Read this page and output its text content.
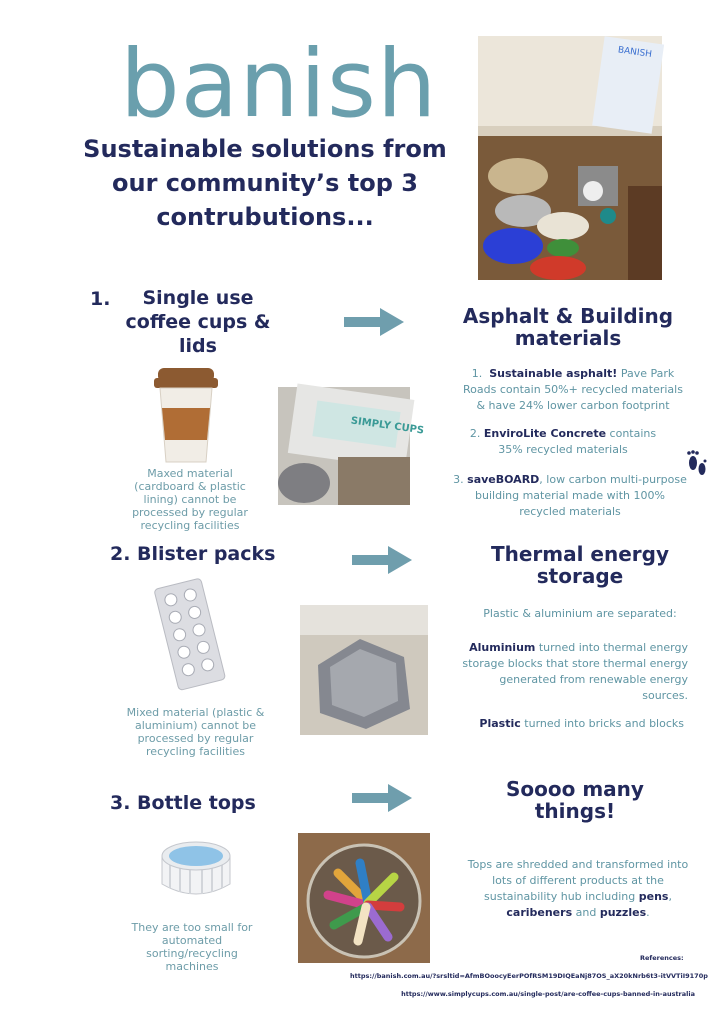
banish
Sustainable solutions from our community’s top 3 contrubutions...
BANISH
1.	Single use coffee cups & lids
Asphalt & Building materials
Maxed material (cardboard & plastic lining) cannot be processed by regular recycling facilities
SIMPLY CUPS
1. Sustainable asphalt! Pave Park Roads contain 50%+ recycled materials & have 24% lower carbon footprint
2. EnviroLite Concrete contains 35% recycled materials
3. saveBOARD, low carbon multi-purpose building material made with 100% recycled materials
2. Blister packs	Thermal energy storage
Mixed material (plastic & aluminium) cannot be processed by regular recycling facilities
Plastic & aluminium are separated:
Aluminium turned into thermal energy storage blocks that store thermal energy generated from renewable energy sources.
Plastic turned into bricks and blocks
3. Bottle tops
Soooo many things!
They are too small for automated sorting/recycling machines
Tops are shredded and transformed into lots of different products at the sustainability hub including pens, caribeners and puzzles.
References:
https://banish.com.au/?srsltid=AfmBOoocyEerPOfRSM19DIQEaNj87OS_aX20kNrb6t3-itVVTiI9170p
https://www.simplycups.com.au/single-post/are-coffee-cups-banned-in-australia
